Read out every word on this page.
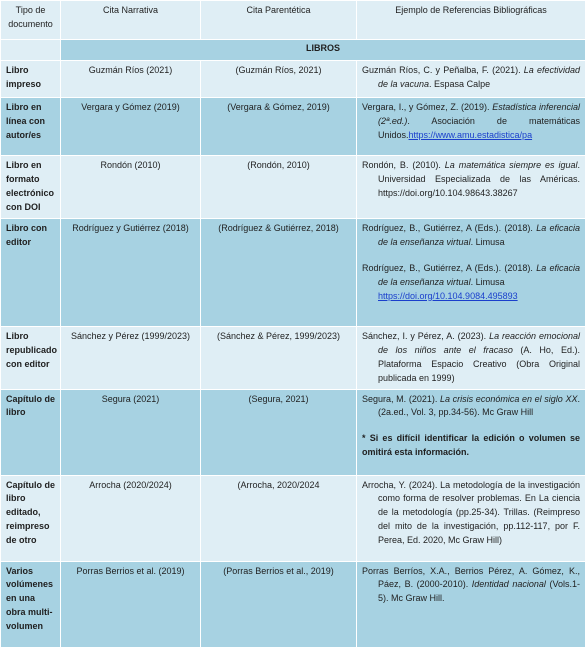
Tipo de documento	Cita Narrativa	Cita Parentética	Ejemplo de Referencias Bibliográficas
	LIBROS		
Libro impreso	Guzmán Ríos (2021)	(Guzmán Ríos, 2021)	Guzmán Ríos, C. y Peñalba, F. (2021). La efectividad de la vacuna. Espasa Calpe

Libro en línea con autor/es	Vergara y Gómez (2019)	(Vergara & Gómez, 2019)	Vergara, I., y Gómez, Z. (2019). Estadística inferencial (2ª.ed.). Asociación de matemáticas Unidos.https://www.amu.estadistica/pa

Libro en formato electrónico con DOI	Rondón (2010)	(Rondón, 2010)	Rondón, B. (2010). La matemática siempre es igual. Universidad Especializada de las Américas. https://doi.org/10.104.98643.38267

Libro con editor	Rodríguez y Gutiérrez (2018)	(Rodríguez & Gutiérrez, 2018)	Rodríguez, B., Gutiérrez, A (Eds.). (2018). La eficacia de la enseñanza virtual. Limusa

Rodríguez, B., Gutiérrez, A (Eds.). (2018). La eficacia de la enseñanza virtual. Limusa
https://doi.org/10.104.9084.495893

Libro republicado con editor	Sánchez y Pérez (1999/2023)	(Sánchez & Pérez, 1999/2023)	Sánchez, I. y Pérez, A. (2023). La reacción emocional de los niños ante el fracaso (A. Ho, Ed.). Plataforma Espacio Creativo (Obra Original publicada en 1999)

Capítulo de libro	Segura (2021)	(Segura, 2021)	Segura, M. (2021). La crisis económica en el siglo XX.(2a.ed., Vol. 3, pp.34-56). Mc Graw Hill

* Si es difícil identificar la edición o volumen se omitirá esta información.

Capítulo de libro editado, reimpreso de otro	Arrocha (2020/2024)	(Arrocha, 2020/2024	Arrocha, Y. (2024). La metodología de la investigación como forma de resolver problemas. En La ciencia de la metodología (pp.25-34). Trillas. (Reimpreso del mito de la investigación, pp.112-117, por F. Perea, Ed. 2020, Mc Graw Hill)

Varios volúmenes en una obra multi-volumen	Porras Berrios et al. (2019)	(Porras Berrios et al., 2019)	Porras Berríos, X.A., Berrios Pérez, A. Gómez, K., Páez, B. (2000-2010). Identidad nacional (Vols.1-5). Mc Graw Hill.
